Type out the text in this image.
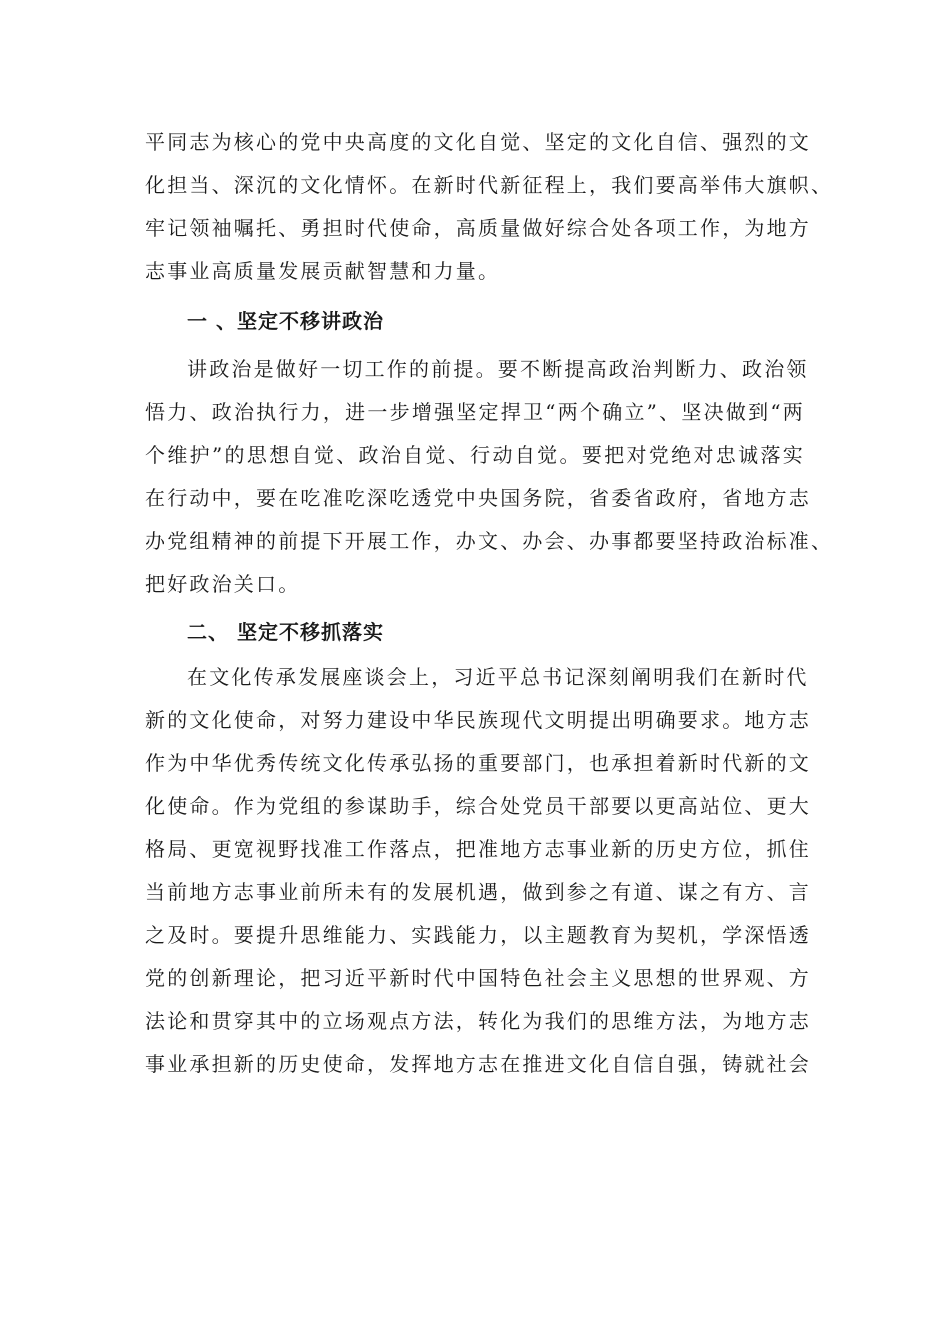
平同志为核心的党中央高度的文化自觉、坚定的文化自信、强烈的文
化担当、深沉的文化情怀。在新时代新征程上，我们要高举伟大旗帜、
牢记领袖嘱托、勇担时代使命，高质量做好综合处各项工作，为地方
志事业高质量发展贡献智慧和力量。
一 、坚定不移讲政治
讲政治是做好一切工作的前提。要不断提高政治判断力、政治领
悟力、政治执行力，进一步增强坚定捍卫“两个确立”、坚决做到“两
个维护”的思想自觉、政治自觉、行动自觉。要把对党绝对忠诚落实
在行动中，要在吃准吃深吃透党中央国务院，省委省政府，省地方志
办党组精神的前提下开展工作，办文、办会、办事都要坚持政治标准、
把好政治关口。
二、 坚定不移抓落实
在文化传承发展座谈会上，习近平总书记深刻阐明我们在新时代
新的文化使命，对努力建设中华民族现代文明提出明确要求。地方志
作为中华优秀传统文化传承弘扬的重要部门，也承担着新时代新的文
化使命。作为党组的参谋助手，综合处党员干部要以更高站位、更大
格局、更宽视野找准工作落点，把准地方志事业新的历史方位，抓住
当前地方志事业前所未有的发展机遇，做到参之有道、谋之有方、言
之及时。要提升思维能力、实践能力，以主题教育为契机，学深悟透
党的创新理论，把习近平新时代中国特色社会主义思想的世界观、方
法论和贯穿其中的立场观点方法，转化为我们的思维方法，为地方志
事业承担新的历史使命，发挥地方志在推进文化自信自强，铸就社会
